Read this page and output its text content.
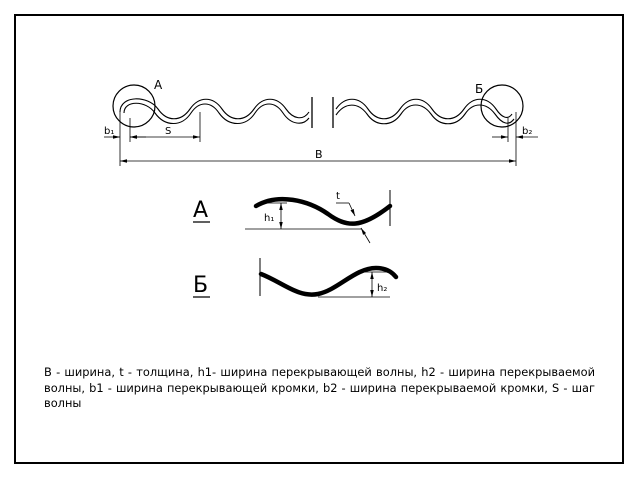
А	Б
b₁	S	b₂
В
А
t
h₁
Б	h₂

В - ширина, t - толщина, h1- ширина перекрывающей волны, h2 - ширина перекрываемой волны, b1 - ширина перекрывающей кромки, b2 - ширина перекрываемой кромки, S - шаг волны
